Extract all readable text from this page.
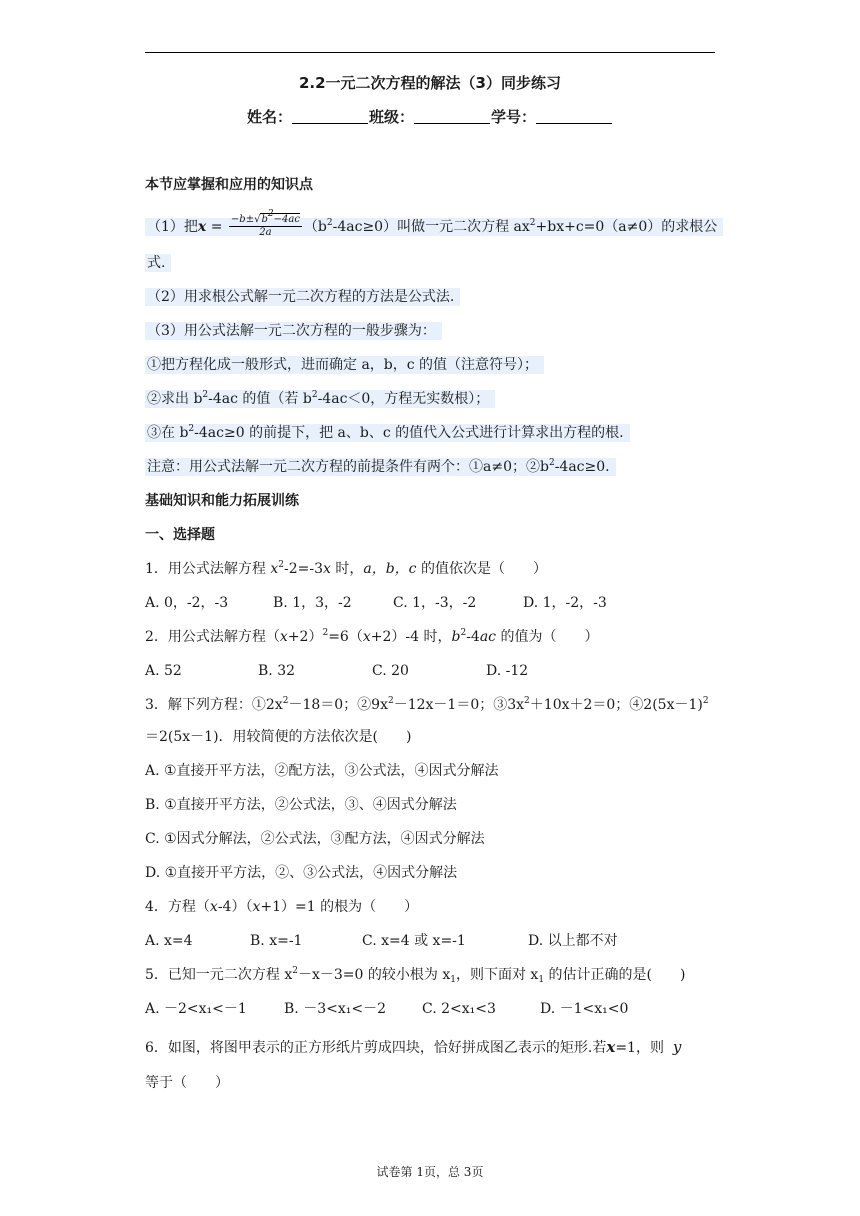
2.2一元二次方程的解法（3）同步练习
姓名：	班级：	学号：
本节应掌握和应用的知识点
（1）把$x = \frac{-b\pm√b^2-4ac}{2a} (b^2-4ac\ge 0)$叫做一元二次方程 $ax^2+bx+c=0(a\ne 0)$的求根公
式.
（2）用求根公式解一元二次方程的方法是公式法.
（3）用公式法解一元二次方程的一般步骤为：
①把方程化成一般形式，进而确定 a，b，c 的值（注意符号）；
②求出 $b^2-4ac$ 的值（若 $b^2-4ac<0$，方程无实数根）；
③在 $b^2-4ac\ge 0$ 的前提下，把 a、b、c 的值代入公式进行计算求出方程的根.
注意：用公式法解一元二次方程的前提条件有两个：①a≠0；$②b^2-4ac\ge 0$.
基础知识和能力拓展训练
一、选择题
1．用公式法解方程 $x^2-2=-3x$ 时，a，b，c 的值依次是（　　）
A. 0，-2，-3	B. 1，3，-2	C. 1，-3，-2	D. 1，-2，-3
2．用公式法解方程$(x+2)^2=6(x+2)-4$ 时，$b^2-4ac$ 的值为（　　）
A. 52	B. 32	C. 20	D. -12
3．解下列方程：$①2x^2-18=0$；$②9x^2-12x-1=0$；$③3x^2+10x+2=0$；$④2(5x-1)^2$
＝2(5x－1)．用较简便的方法依次是(　　)
A. ①直接开平方法，②配方法，③公式法，④因式分解法
B. ①直接开平方法，②公式法，③、④因式分解法
C. ①因式分解法，②公式法，③配方法，④因式分解法
D. ①直接开平方法，②、③公式法，④因式分解法
4．方程（x-4）（x+1）=1 的根为（　　）
A. x=4	B. x=-1	C. x=4 或 x=-1	D. 以上都不对
5．已知一元二次方程 $x^2-x-3=0$ 的较小根为 $x_1$，则下面对 $x_1$ 的估计正确的是(　　)
A. －2<x₁<－1	B. －3<x₁<－2	C. 2<x₁<3	D. －1<x₁<0
6．如图，将图甲表示的正方形纸片剪成四块，恰好拼成图乙表示的矩形.若x=1，则 y
等于（　　）
试卷第 1页，总 3页
